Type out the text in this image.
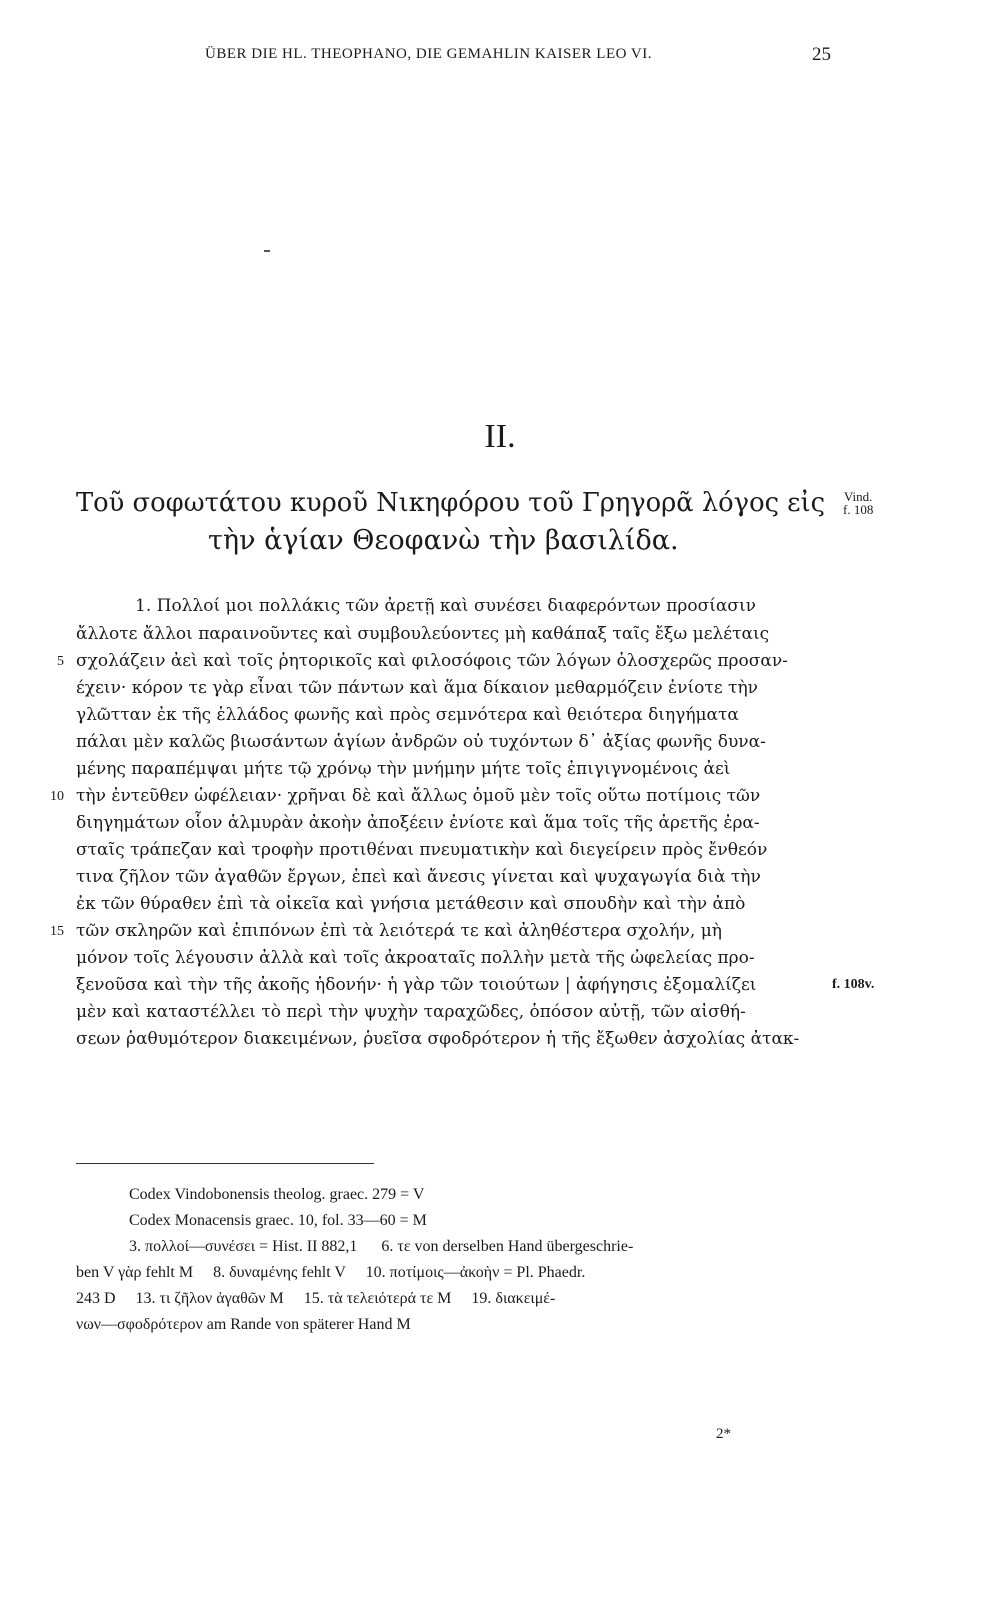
ÜBER DIE HL. THEOPHANO, DIE GEMAHLIN KAISER LEO VI.	25
II.
Τοῦ σοφωτάτου κυροῦ Νικηφόρου τοῦ Γρηγορᾶ λόγος εἰς
τὴν ἁγίαν Θεοφανὼ τὴν βασιλίδα.
Vind.
f. 108
1. Πολλοί μοι πολλάκις τῶν ἀρετῇ καὶ συνέσει διαφερόντων προσίασιν
ἄλλοτε ἄλλοι παραινοῦντες καὶ συμβουλεύοντες μὴ καθάπαξ ταῖς ἔξω μελέταις
5 σχολάζειν ἀεὶ καὶ τοῖς ῥητορικοῖς καὶ φιλοσόφοις τῶν λόγων ὁλοσχερῶς προσαν-
έχειν· κόρον τε γὰρ εἶναι τῶν πάντων καὶ ἅμα δίκαιον μεθαρμόζειν ἐνίοτε τὴν
γλῶτταν ἐκ τῆς ἑλλάδος φωνῆς καὶ πρὸς σεμνότερα καὶ θειότερα διηγήματα
πάλαι μὲν καλῶς βιωσάντων ἁγίων ἀνδρῶν οὐ τυχόντων δ᾿ ἀξίας φωνῆς δυνα-
μένης παραπέμψαι μήτε τῷ χρόνῳ τὴν μνήμην μήτε τοῖς ἐπιγιγνομένοις ἀεὶ
10 τὴν ἐντεῦθεν ὠφέλειαν· χρῆναι δὲ καὶ ἄλλως ὁμοῦ μὲν τοῖς οὕτω ποτίμοις τῶν
διηγημάτων οἷον ἁλμυρὰν ἀκοὴν ἀποξέειν ἐνίοτε καὶ ἅμα τοῖς τῆς ἀρετῆς ἐρα-
σταῖς τράπεζαν καὶ τροφὴν προτιθέναι πνευματικὴν καὶ διεγείρειν πρὸς ἔνθεόν
τινα ζῆλον τῶν ἀγαθῶν ἔργων, ἐπεὶ καὶ ἄνεσις γίνεται καὶ ψυχαγωγία διὰ τὴν
ἐκ τῶν θύραθεν ἐπὶ τὰ οἰκεῖα καὶ γνήσια μετάθεσιν καὶ σπουδὴν καὶ τὴν ἀπὸ
15 τῶν σκληρῶν καὶ ἐπιπόνων ἐπὶ τὰ λειότερά τε καὶ ἀληθέστερα σχολήν, μὴ
μόνον τοῖς λέγουσιν ἀλλὰ καὶ τοῖς ἀκροαταῖς πολλὴν μετὰ τῆς ὠφελείας προ-
ξενοῦσα καὶ τὴν τῆς ἀκοῆς ἡδονήν· ἡ γὰρ τῶν τοιούτων | ἀφήγησις ἐξομαλίζει	f. 108v.
μὲν καὶ καταστέλλει τὸ περὶ τὴν ψυχὴν ταραχῶδες, ὁπόσον αὐτῇ, τῶν αἰσθή-
σεων ῥαθυμότερον διακειμένων, ῥυεῖσα σφοδρότερον ἡ τῆς ἔξωθεν ἀσχολίας ἀτακ-
Codex Vindobonensis theolog. graec. 279 = V
Codex Monacensis graec. 10, fol. 33—60 = M
3. πολλοί—συνέσει = Hist. II 882,1      6. τε von derselben Hand übergeschrie-
ben V γὰρ fehlt M     8. δυναμένης fehlt V     10. ποτίμοις—ἀκοὴν = Pl. Phaedr.
243 D     13. τι ζῆλον ἀγαθῶν M     15. τὰ τελειότερά τε M     19. διακειμέ-
νων—σφοδρότερον am Rande von späterer Hand M
2*
